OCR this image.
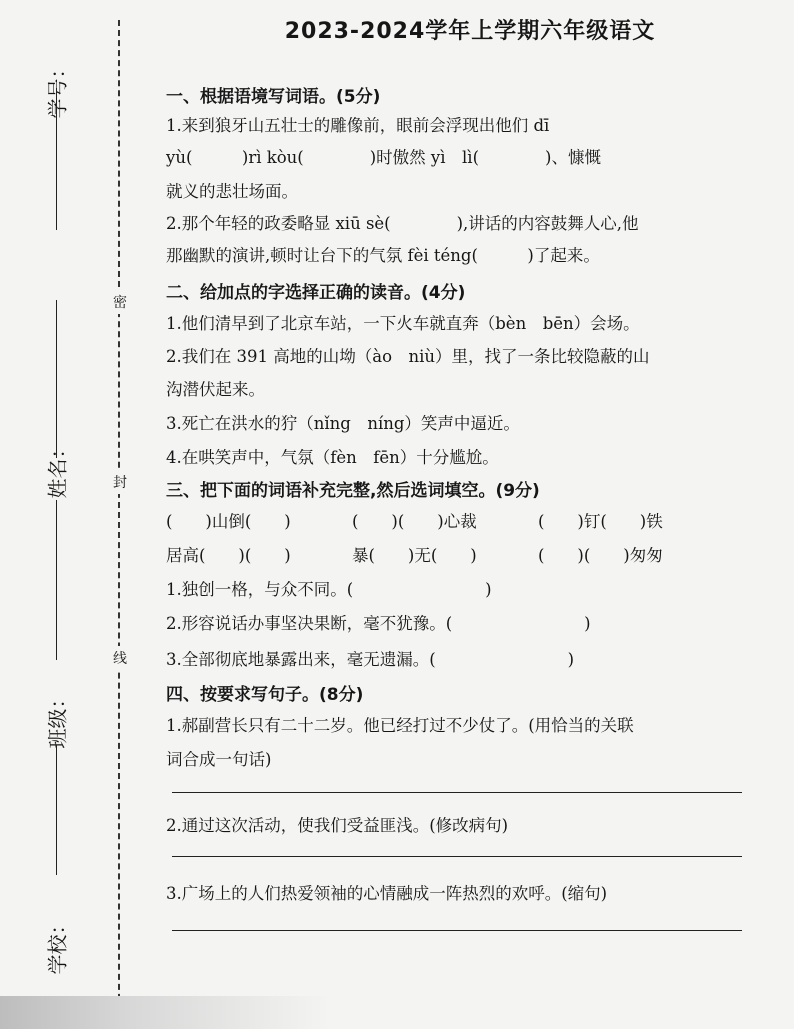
2023-2024学年上学期六年级语文
学号：
姓名：
班级：
学校：
密
封
线
一、根据语境写词语。(5分)
1.来到狼牙山五壮士的雕像前，眼前会浮现出他们 dī
yù(　　　)rì kòu(　　　　)时傲然 yì　lì(　　　　)、慷慨
就义的悲壮场面。
2.那个年轻的政委略显 xiū sè(　　　　),讲话的内容鼓舞人心,他
那幽默的演讲,顿时让台下的气氛 fèi téng(　　　)了起来。
二、给加点的字选择正确的读音。(4分)
1.他们清早到了北京车站，一下火车就直奔（bèn　bēn）会场。
2.我们在 391 高地的山坳（ào　niù）里，找了一条比较隐蔽的山
沟潜伏起来。
3.死亡在洪水的狞（nǐng　níng）笑声中逼近。
4.在哄笑声中，气氛（fèn　fēn）十分尴尬。
三、把下面的词语补充完整,然后选词填空。(9分)
(　　)山倒(　　)	(　　)(　　)心裁	(　　)钉(　　)铁
居高(　　)(　　)	暴(　　)无(　　)	(　　)(　　)匆匆
1.独创一格，与众不同。(　　　　　　　　)
2.形容说话办事坚决果断，毫不犹豫。(　　　　　　　　)
3.全部彻底地暴露出来，毫无遗漏。(　　　　　　　　)
四、按要求写句子。(8分)
1.郝副营长只有二十二岁。他已经打过不少仗了。(用恰当的关联
词合成一句话)
2.通过这次活动，使我们受益匪浅。(修改病句)
3.广场上的人们热爱领袖的心情融成一阵热烈的欢呼。(缩句)
